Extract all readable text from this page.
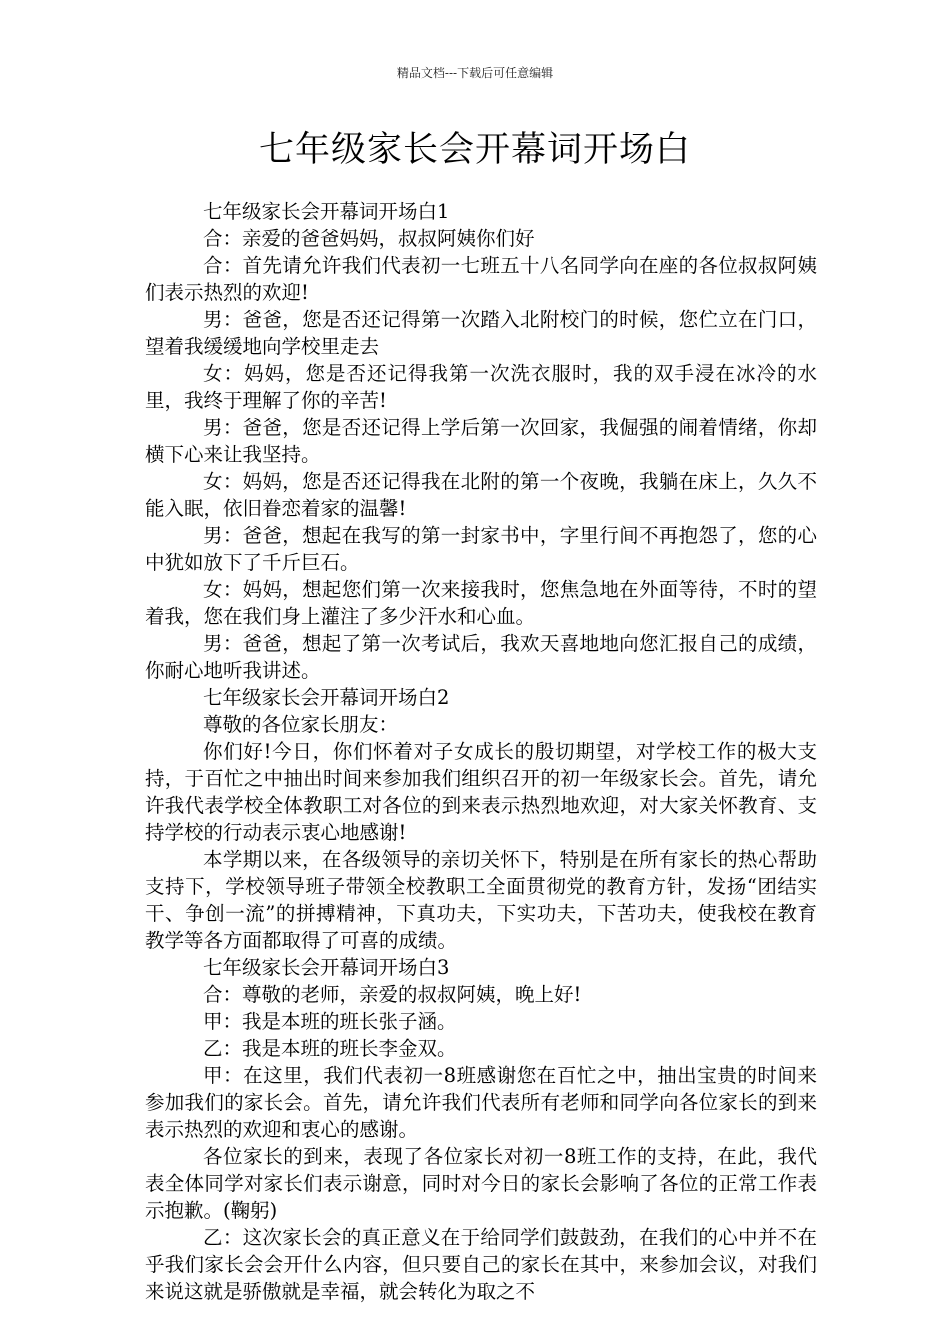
精品文档---下载后可任意编辑
七年级家长会开幕词开场白

七年级家长会开幕词开场白1

合：亲爱的爸爸妈妈，叔叔阿姨你们好

合：首先请允许我们代表初一七班五十八名同学向在座的各位叔叔阿姨们表示热烈的欢迎!

男：爸爸，您是否还记得第一次踏入北附校门的时候，您伫立在门口，望着我缓缓地向学校里走去

女：妈妈，您是否还记得我第一次洗衣服时，我的双手浸在冰冷的水里，我终于理解了你的辛苦!

男：爸爸，您是否还记得上学后第一次回家，我倔强的闹着情绪，你却横下心来让我坚持。

女：妈妈，您是否还记得我在北附的第一个夜晚，我躺在床上，久久不能入眠，依旧眷恋着家的温馨!

男：爸爸，想起在我写的第一封家书中，字里行间不再抱怨了，您的心中犹如放下了千斤巨石。

女：妈妈，想起您们第一次来接我时，您焦急地在外面等待，不时的望着我，您在我们身上灌注了多少汗水和心血。

男：爸爸，想起了第一次考试后，我欢天喜地地向您汇报自己的成绩，你耐心地听我讲述。

七年级家长会开幕词开场白2

尊敬的各位家长朋友：

你们好!今日，你们怀着对子女成长的殷切期望，对学校工作的极大支持，于百忙之中抽出时间来参加我们组织召开的初一年级家长会。首先，请允许我代表学校全体教职工对各位的到来表示热烈地欢迎，对大家关怀教育、支持学校的行动表示衷心地感谢!

本学期以来，在各级领导的亲切关怀下，特别是在所有家长的热心帮助支持下，学校领导班子带领全校教职工全面贯彻党的教育方针，发扬“团结实干、争创一流”的拼搏精神，下真功夫，下实功夫，下苦功夫，使我校在教育教学等各方面都取得了可喜的成绩。

七年级家长会开幕词开场白3

合：尊敬的老师，亲爱的叔叔阿姨，晚上好!

甲：我是本班的班长张子涵。

乙：我是本班的班长李金双。

甲：在这里，我们代表初一8班感谢您在百忙之中，抽出宝贵的时间来参加我们的家长会。首先，请允许我们代表所有老师和同学向各位家长的到来表示热烈的欢迎和衷心的感谢。

各位家长的到来，表现了各位家长对初一8班工作的支持，在此，我代表全体同学对家长们表示谢意，同时对今日的家长会影响了各位的正常工作表示抱歉。(鞠躬)

乙：这次家长会的真正意义在于给同学们鼓鼓劲，在我们的心中并不在乎我们家长会会开什么内容，但只要自己的家长在其中，来参加会议，对我们来说这就是骄傲就是幸福，就会转化为取之不
